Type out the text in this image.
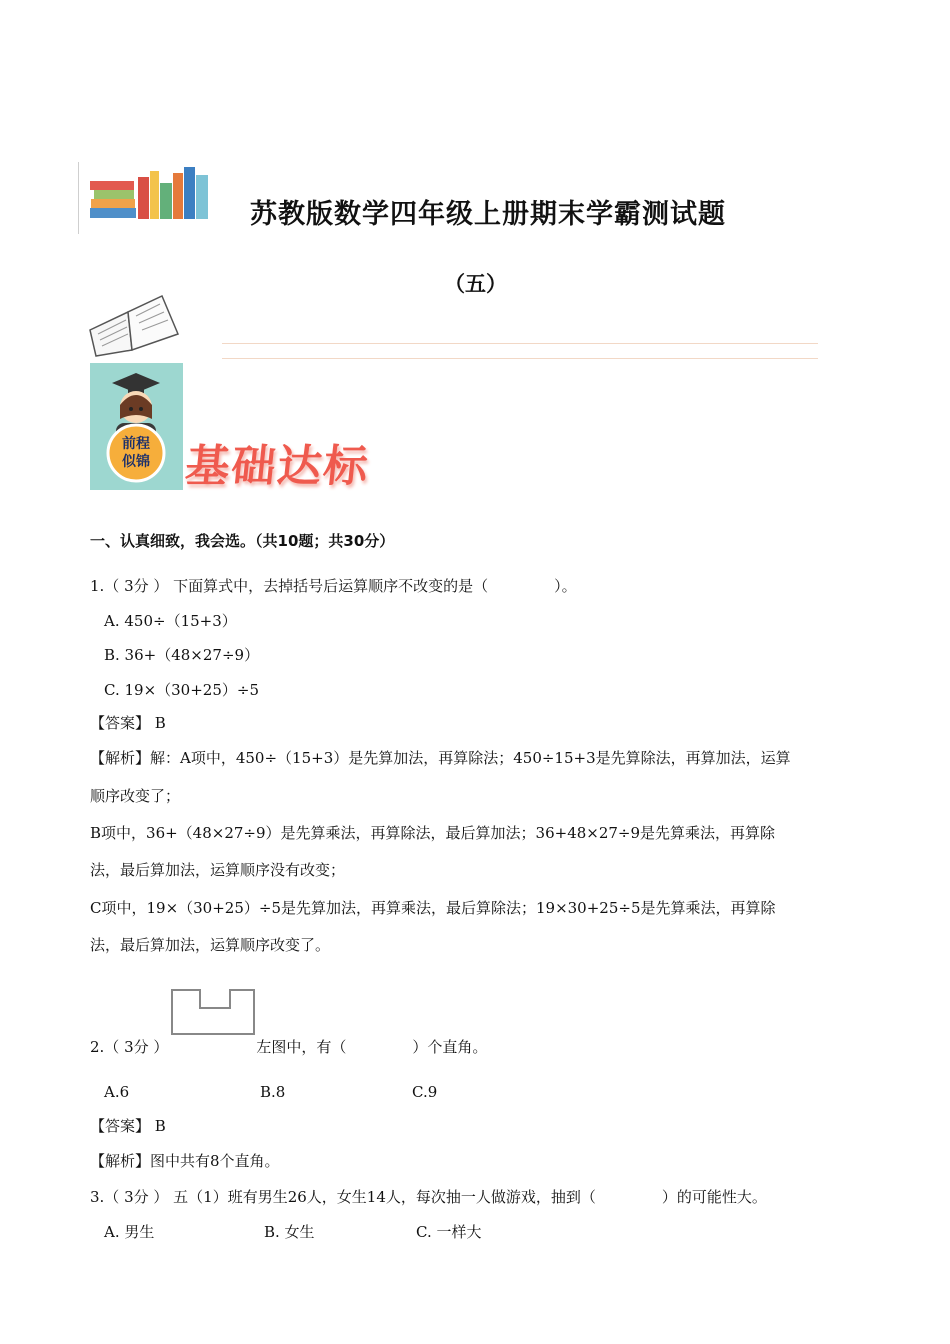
苏教版数学四年级上册期末学霸测试题
（五）
前程
似锦 基础达标
一、认真细致，我会选。（共10题；共30分）
1.（ 3分 ） 下面算式中，去掉括号后运算顺序不改变的是（	）。
A. 450÷（15+3）
B. 36+（48×27÷9）
C. 19×（30+25）÷5
【答案】 B
【解析】解：A项中，450÷（15+3）是先算加法，再算除法；450÷15+3是先算除法，再算加法，运算
顺序改变了；
B项中，36+（48×27÷9）是先算乘法，再算除法，最后算加法；36+48×27÷9是先算乘法，再算除
法，最后算加法，运算顺序没有改变；
C项中，19×（30+25）÷5是先算加法，再算乘法，最后算除法；19×30+25÷5是先算乘法，再算除
法，最后算加法，运算顺序改变了。
2.（ 3分 ）	左图中，有（	）个直角。
A.6	B.8	C.9
【答案】 B
【解析】图中共有8个直角。
3.（ 3分 ） 五（1）班有男生26人，女生14人，每次抽一人做游戏，抽到（	）的可能性大。
A. 男生	B. 女生	C. 一样大
